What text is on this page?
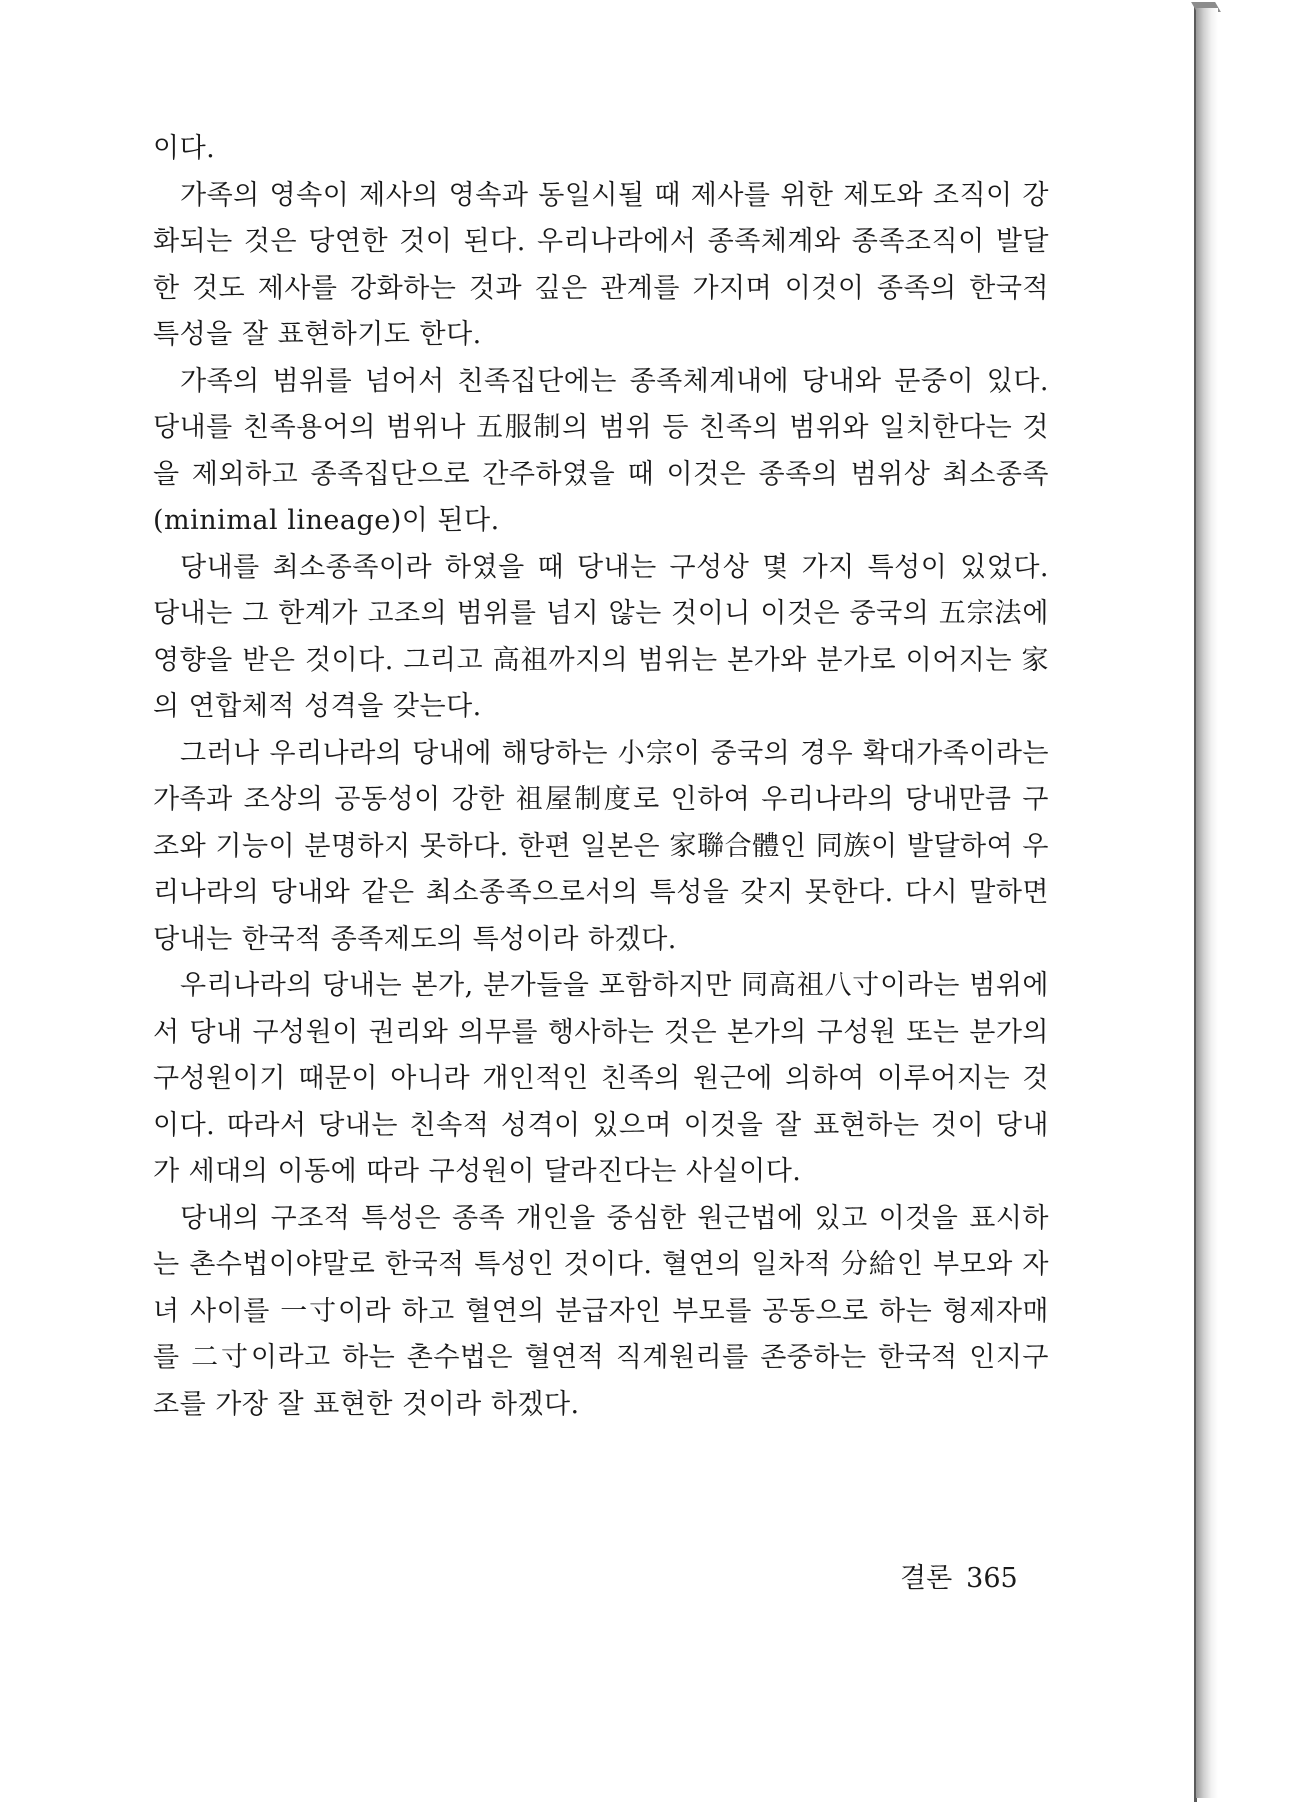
이다.

가족의 영속이 제사의 영속과 동일시될 때 제사를 위한 제도와 조직이 강화되는 것은 당연한 것이 된다. 우리나라에서 종족체계와 종족조직이 발달한 것도 제사를 강화하는 것과 깊은 관계를 가지며 이것이 종족의 한국적 특성을 잘 표현하기도 한다.

가족의 범위를 넘어서 친족집단에는 종족체계내에 당내와 문중이 있다. 당내를 친족용어의 범위나 五服制의 범위 등 친족의 범위와 일치한다는 것을 제외하고 종족집단으로 간주하였을 때 이것은 종족의 범위상 최소종족(minimal lineage)이 된다.

당내를 최소종족이라 하였을 때 당내는 구성상 몇 가지 특성이 있었다. 당내는 그 한계가 고조의 범위를 넘지 않는 것이니 이것은 중국의 五宗法에 영향을 받은 것이다. 그리고 高祖까지의 범위는 본가와 분가로 이어지는 家의 연합체적 성격을 갖는다.

그러나 우리나라의 당내에 해당하는 小宗이 중국의 경우 확대가족이라는 가족과 조상의 공동성이 강한 祖屋制度로 인하여 우리나라의 당내만큼 구조와 기능이 분명하지 못하다. 한편 일본은 家聯合體인 同族이 발달하여 우리나라의 당내와 같은 최소종족으로서의 특성을 갖지 못한다. 다시 말하면 당내는 한국적 종족제도의 특성이라 하겠다.

우리나라의 당내는 본가, 분가들을 포함하지만 同高祖八寸이라는 범위에서 당내 구성원이 권리와 의무를 행사하는 것은 본가의 구성원 또는 분가의 구성원이기 때문이 아니라 개인적인 친족의 원근에 의하여 이루어지는 것이다. 따라서 당내는 친속적 성격이 있으며 이것을 잘 표현하는 것이 당내가 세대의 이동에 따라 구성원이 달라진다는 사실이다.

당내의 구조적 특성은 종족 개인을 중심한 원근법에 있고 이것을 표시하는 촌수법이야말로 한국적 특성인 것이다. 혈연의 일차적 分給인 부모와 자녀 사이를 一寸이라 하고 혈연의 분급자인 부모를 공동으로 하는 형제자매를 二寸이라고 하는 촌수법은 혈연적 직계원리를 존중하는 한국적 인지구조를 가장 잘 표현한 것이라 하겠다.

결론 365
